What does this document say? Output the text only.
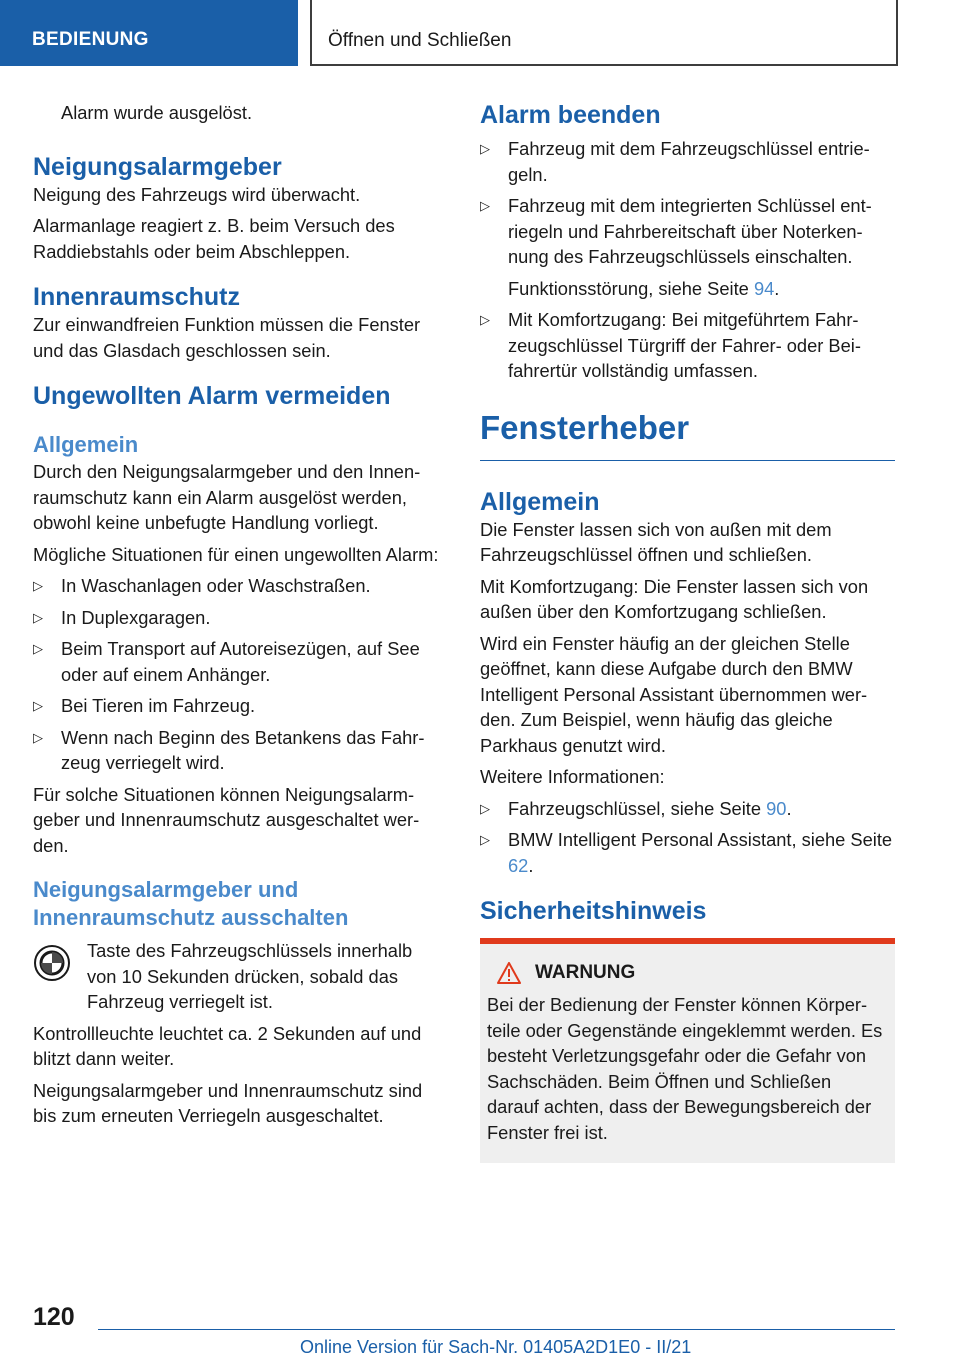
BEDIENUNG	Öffnen und Schließen

Alarm wurde ausgelöst.

Neigungsalarmgeber

Neigung des Fahrzeugs wird überwacht.

Alarmanlage reagiert z. B. beim Versuch des Raddiebstahls oder beim Abschleppen.

Innenraumschutz

Zur einwandfreien Funktion müssen die Fenster und das Glasdach geschlossen sein.

Ungewollten Alarm vermeiden
Allgemein

Durch den Neigungsalarmgeber und den Innen-raumschutz kann ein Alarm ausgelöst werden, obwohl keine unbefugte Handlung vorliegt.

Mögliche Situationen für einen ungewollten Alarm:

▷ In Waschanlagen oder Waschstraßen.
▷ In Duplexgaragen.
▷ Beim Transport auf Autoreisezügen, auf See oder auf einem Anhänger.
▷ Bei Tieren im Fahrzeug.
▷ Wenn nach Beginn des Betankens das Fahr-zeug verriegelt wird.

Für solche Situationen können Neigungsalarm-geber und Innenraumschutz ausgeschaltet wer-den.

Neigungsalarmgeber und Innenraumschutz ausschalten

Taste des Fahrzeugschlüssels innerhalb von 10 Sekunden drücken, sobald das Fahrzeug verriegelt ist.

Kontrollleuchte leuchtet ca. 2 Sekunden auf und blitzt dann weiter.

Neigungsalarmgeber und Innenraumschutz sind bis zum erneuten Verriegeln ausgeschaltet.

Alarm beenden
▷ Fahrzeug mit dem Fahrzeugschlüssel entrie-geln.
▷ Fahrzeug mit dem integrierten Schlüssel ent-riegeln und Fahrbereitschaft über Noterken-nung des Fahrzeugschlüssels einschalten.

Funktionsstörung, siehe Seite 94.

▷ Mit Komfortzugang: Bei mitgeführtem Fahr-zeugschlüssel Türgriff der Fahrer- oder Bei-fahrertür vollständig umfassen.
Fensterheber
Allgemein

Die Fenster lassen sich von außen mit dem Fahrzeugschlüssel öffnen und schließen.

Mit Komfortzugang: Die Fenster lassen sich von außen über den Komfortzugang schließen.

Wird ein Fenster häufig an der gleichen Stelle geöffnet, kann diese Aufgabe durch den BMW Intelligent Personal Assistant übernommen wer-den. Zum Beispiel, wenn häufig das gleiche Parkhaus genutzt wird.

Weitere Informationen:

▷ Fahrzeugschlüssel, siehe Seite 90.
▷ BMW Intelligent Personal Assistant, siehe Seite 62.
Sicherheitshinweis
WARNUNG

Bei der Bedienung der Fenster können Körper-teile oder Gegenstände eingeklemmt werden. Es besteht Verletzungsgefahr oder die Gefahr von Sachschäden. Beim Öffnen und Schließen darauf achten, dass der Bewegungsbereich der Fenster frei ist.

120
Online Version für Sach-Nr. 01405A2D1E0 - II/21
